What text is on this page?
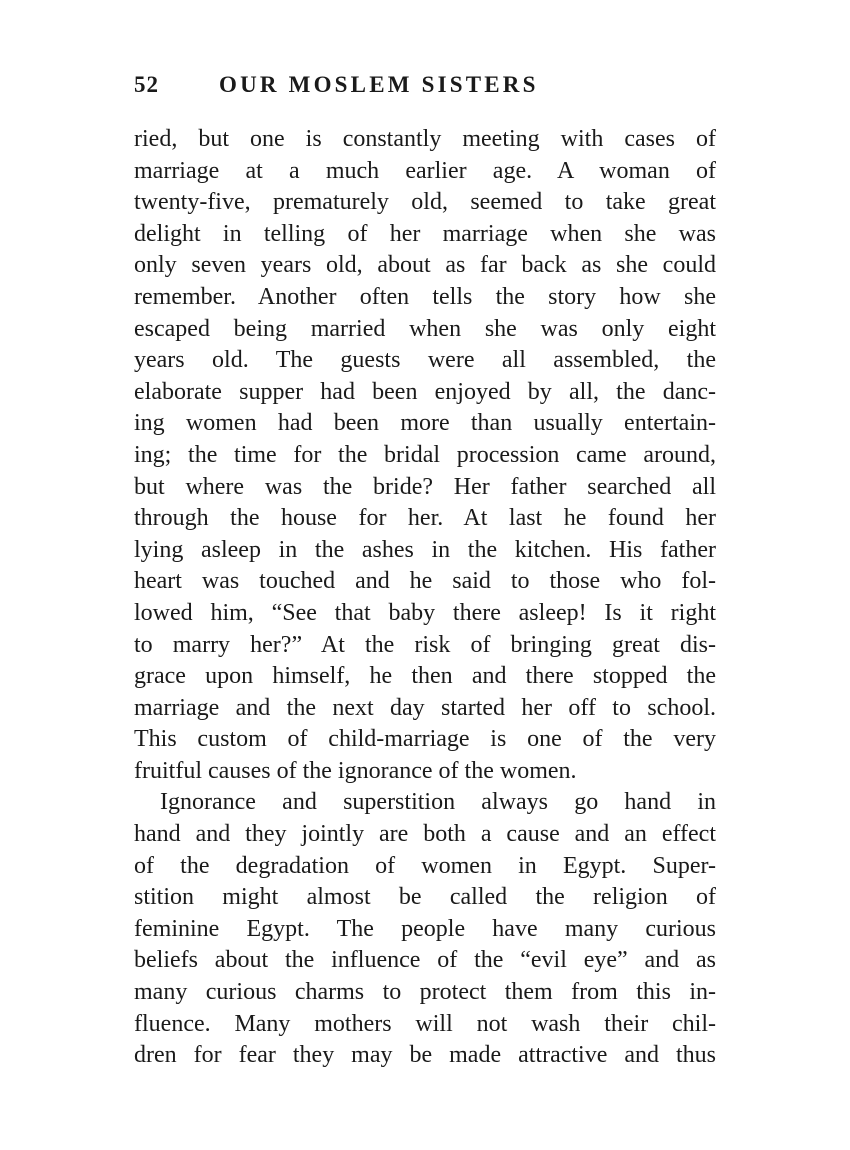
52	OUR MOSLEM SISTERS
ried, but one is constantly meeting with cases of
marriage at a much earlier age. A woman of
twenty-five, prematurely old, seemed to take great
delight in telling of her marriage when she was
only seven years old, about as far back as she could
remember. Another often tells the story how she
escaped being married when she was only eight
years old. The guests were all assembled, the
elaborate supper had been enjoyed by all, the danc-
ing women had been more than usually entertain-
ing; the time for the bridal procession came around,
but where was the bride? Her father searched all
through the house for her. At last he found her
lying asleep in the ashes in the kitchen. His father
heart was touched and he said to those who fol-
lowed him, “See that baby there asleep! Is it right
to marry her?” At the risk of bringing great dis-
grace upon himself, he then and there stopped the
marriage and the next day started her off to school.
This custom of child-marriage is one of the very
fruitful causes of the ignorance of the women.
Ignorance and superstition always go hand in
hand and they jointly are both a cause and an effect
of the degradation of women in Egypt. Super-
stition might almost be called the religion of
feminine Egypt. The people have many curious
beliefs about the influence of the “evil eye” and as
many curious charms to protect them from this in-
fluence. Many mothers will not wash their chil-
dren for fear they may be made attractive and thus
